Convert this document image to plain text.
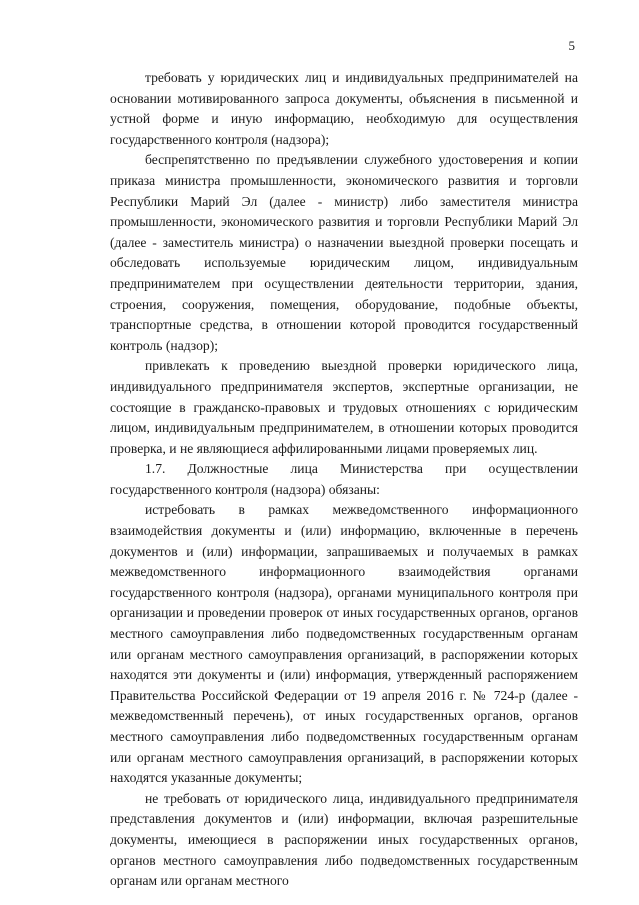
5

требовать у юридических лиц и индивидуальных предпринимателей на основании мотивированного запроса документы, объяснения в письменной и устной форме и иную информацию, необходимую для осуществления государственного контроля (надзора);

беспрепятственно по предъявлении служебного удостоверения и копии приказа министра промышленности, экономического развития и торговли Республики Марий Эл (далее - министр) либо заместителя министра промышленности, экономического развития и торговли Республики Марий Эл (далее - заместитель министра) о назначении выездной проверки посещать и обследовать используемые юридическим лицом, индивидуальным предпринимателем при осуществлении деятельности территории, здания, строения, сооружения, помещения, оборудование, подобные объекты, транспортные средства, в отношении которой проводится государственный контроль (надзор);

привлекать к проведению выездной проверки юридического лица, индивидуального предпринимателя экспертов, экспертные организации, не состоящие в гражданско-правовых и трудовых отношениях с юридическим лицом, индивидуальным предпринимателем, в отношении которых проводится проверка, и не являющиеся аффилированными лицами проверяемых лиц.

1.7. Должностные лица Министерства при осуществлении государственного контроля (надзора) обязаны:

истребовать в рамках межведомственного информационного взаимодействия документы и (или) информацию, включенные в перечень документов и (или) информации, запрашиваемых и получаемых в рамках межведомственного информационного взаимодействия органами государственного контроля (надзора), органами муниципального контроля при организации и проведении проверок от иных государственных органов, органов местного самоуправления либо подведомственных государственным органам или органам местного самоуправления организаций, в распоряжении которых находятся эти документы и (или) информация, утвержденный распоряжением Правительства Российской Федерации от 19 апреля 2016 г. № 724-р (далее - межведомственный перечень), от иных государственных органов, органов местного самоуправления либо подведомственных государственным органам или органам местного самоуправления организаций, в распоряжении которых находятся указанные документы;

не требовать от юридического лица, индивидуального предпринимателя представления документов и (или) информации, включая разрешительные документы, имеющиеся в распоряжении иных государственных органов, органов местного самоуправления либо подведомственных государственным органам или органам местного
